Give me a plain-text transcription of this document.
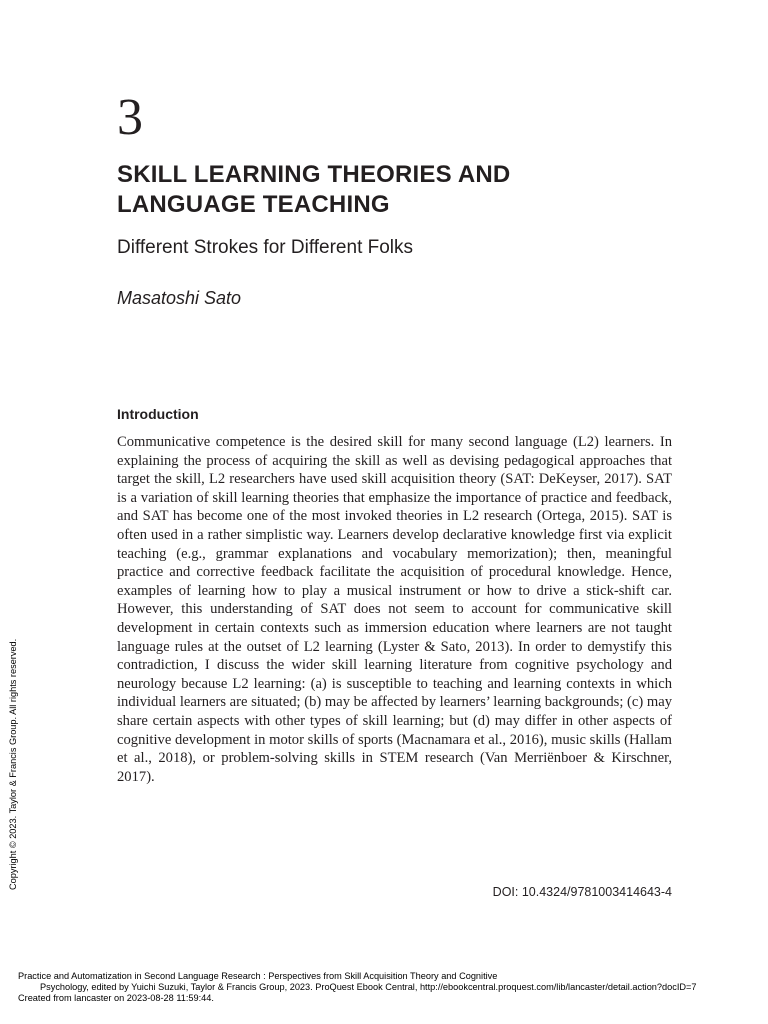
3
SKILL LEARNING THEORIES AND LANGUAGE TEACHING
Different Strokes for Different Folks

Masatoshi Sato

Introduction

Communicative competence is the desired skill for many second language (L2) learners. In explaining the process of acquiring the skill as well as devising pedagogical approaches that target the skill, L2 researchers have used skill acquisition theory (SAT: DeKeyser, 2017). SAT is a variation of skill learning theories that emphasize the importance of practice and feedback, and SAT has become one of the most invoked theories in L2 research (Ortega, 2015). SAT is often used in a rather simplistic way. Learners develop declarative knowledge first via explicit teaching (e.g., grammar explanations and vocabulary memorization); then, meaningful practice and corrective feedback facilitate the acquisition of procedural knowledge. Hence, examples of learning how to play a musical instrument or how to drive a stick-shift car. However, this understanding of SAT does not seem to account for communicative skill development in certain contexts such as immersion education where learners are not taught language rules at the outset of L2 learning (Lyster & Sato, 2013). In order to demystify this contradiction, I discuss the wider skill learning literature from cognitive psychology and neurology because L2 learning: (a) is susceptible to teaching and learning contexts in which individual learners are situated; (b) may be affected by learners’ learning backgrounds; (c) may share certain aspects with other types of skill learning; but (d) may differ in other aspects of cognitive development in motor skills of sports (Macnamara et al., 2016), music skills (Hallam et al., 2018), or problem-solving skills in STEM research (Van Merriënboer & Kirschner, 2017).

DOI: 10.4324/9781003414643-4

Copyright © 2023. Taylor & Francis Group. All rights reserved.
Practice and Automatization in Second Language Research : Perspectives from Skill Acquisition Theory and Cognitive
Psychology, edited by Yuichi Suzuki, Taylor & Francis Group, 2023. ProQuest Ebook Central, http://ebookcentral.proquest.com/lib/lancaster/detail.action?docID=7
Created from lancaster on 2023-08-28 11:59:44.
